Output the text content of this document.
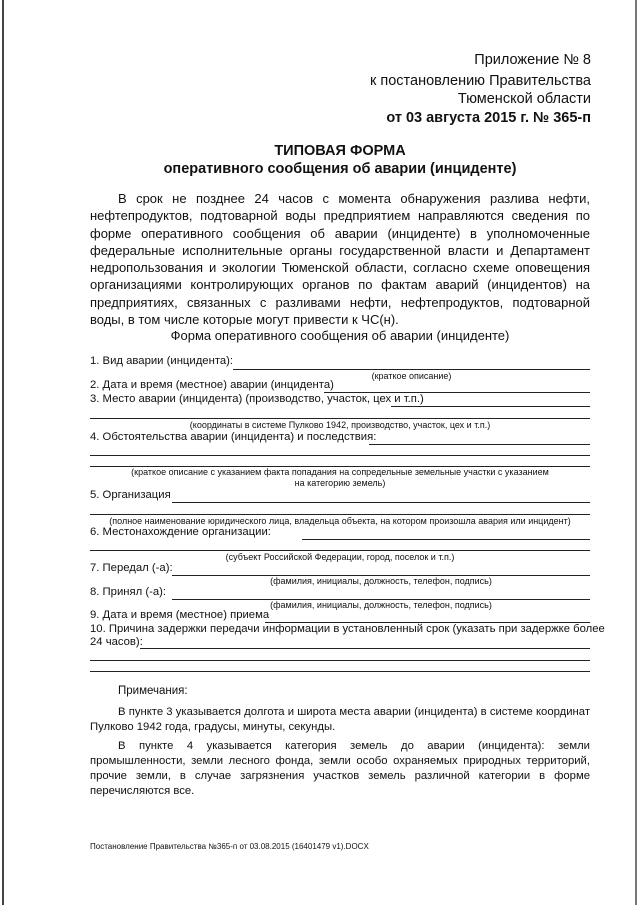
Приложение № 8
к постановлению Правительства
Тюменской области
от 03 августа 2015 г. № 365-п
ТИПОВАЯ ФОРМА
оперативного сообщения об аварии (инциденте)

В срок не позднее 24 часов с момента обнаружения разлива нефти, нефтепродуктов, подтоварной воды предприятием направляются сведения по форме оперативного сообщения об аварии (инциденте) в уполномоченные федеральные исполнительные органы государственной власти и Департамент недропользования и экологии Тюменской области, согласно схеме оповещения организациями контролирующих органов по фактам аварий (инцидентов) на предприятиях, связанных с разливами нефти, нефтепродуктов, подтоварной воды, в том числе которые могут привести к ЧС(н).

Форма оперативного сообщения об аварии (инциденте)
1. Вид аварии (инцидента):
(краткое описание)
2. Дата и время (местное) аварии (инцидента)
3. Место аварии (инцидента) (производство, участок, цех и т.п.)
(координаты в системе Пулково 1942, производство, участок, цех и т.п.)
4. Обстоятельства аварии (инцидента) и последствия:
(краткое описание с указанием факта попадания на сопредельные земельные участки с указанием
на категорию земель)
5. Организация
(полное наименование юридического лица, владельца объекта, на котором произошла авария или инцидент)
6. Местонахождение организации:
(субъект Российской Федерации, город, поселок и т.п.)
7. Передал (-а):
(фамилия, инициалы, должность, телефон, подпись)
8. Принял (-а):
(фамилия, инициалы, должность, телефон, подпись)
9. Дата и время (местное) приема
10. Причина задержки передачи информации в установленный срок (указать при задержке более
24 часов):
Примечания:

В пункте 3 указывается долгота и широта места аварии (инцидента) в системе координат Пулково 1942 года, градусы, минуты, секунды.

В пункте 4 указывается категория земель до аварии (инцидента): земли промышленности, земли лесного фонда, земли особо охраняемых природных территорий, прочие земли, в случае загрязнения участков земель различной категории в форме перечисляются все.

Постановление Правительства №365-п от 03.08.2015 (16401479 v1).DOCX
